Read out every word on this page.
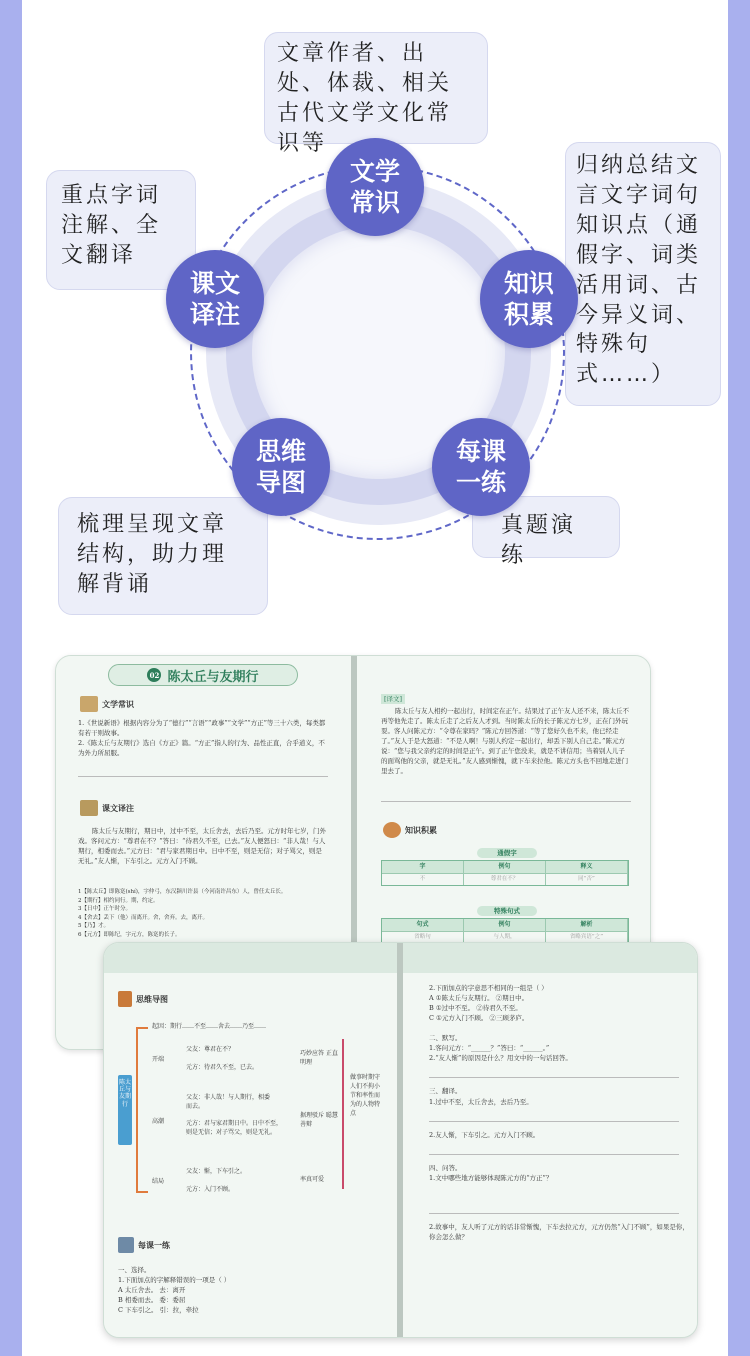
文章作者、出处、体裁、相关古代文学文化常识等
归纳总结文言文字词句知识点（通假字、词类活用词、古今异义词、特殊句式……）
重点字词注解、全文翻译
梳理呈现文章结构，助力理解背诵
真题演练
文学常识
知识积累
每课一练
思维导图
课文译注
02 陈太丘与友期行
文学常识
1.《世说新语》根据内容分为了“德行”“言语”“政事”“文学”“方正”等三十六类，每类都有若干则故事。
2.《陈太丘与友期行》选自《方正》篇。“方正”指人的行为、品性正直，合乎道义，不为外力所屈服。
课文译注
陈太丘与友期行，期日中，过中不至，太丘舍去，去后乃至。元方时年七岁，门外戏。客问元方：“尊君在不？”答曰：“待君久不至，已去。”友人便怒曰：“非人哉！与人期行，相委而去。”元方曰：“君与家君期日中。日中不至，则是无信；对子骂父，则是无礼。”友人惭，下车引之。元方入门不顾。
1【陈太丘】即陈寔(shí)，字仲弓，东汉颍川许县（今河南许昌东）人，曾任太丘长。
2【期行】相约同行。期，约定。
3【日中】正午时分。
4【舍去】丢下（他）而离开。舍，舍弃。去，离开。
5【乃】才。
6【元方】即陈纪，字元方，陈寔的长子。
[译文]
陈太丘与友人相约一起出行，时间定在正午。结果过了正午友人还不来，陈太丘不再等他先走了。陈太丘走了之后友人才到。当时陈太丘的长子陈元方七岁，正在门外玩耍。客人问陈元方：“令尊在家吗？”陈元方回答道：“等了您好久也不来，他已经走了。”友人于是大怒道：“不是人啊！与别人约定一起出行，却丢下别人自己走。”陈元方说：“您与我父亲约定的时间是正午。到了正午您没来，就是不讲信用；当着别人儿子的面骂他的父亲，就是无礼。”友人感到惭愧，就下车来拉他。陈元方头也不回地走进门里去了。
知识积累
通假字
字	例句	释义
不	尊君在不？	同“否”
特殊句式
句式	例句	解析
省略句	与人期，	省略宾语“之”
思维导图
陈太丘与友期行
起因：期行……不至……舍去……乃至……
开端
高潮
结局
父友：尊君在不？
元方：待君久不至，已去。
巧妙应答 正直明理
父友：非人哉！与人期行，相委而去。
元方：君与家君期日中。日中不至，则是无信；对子骂父，则是无礼。
据理驳斥 聪慧善辩
父友：惭，下车引之。
元方：入门不顾。
率真可爱
做事时期守人们不拘小节和率性而为的人物特点
每课一练
一、选择。
1.下面加点的字解释错误的一项是（ ）
A 太丘舍去。 去：离开
B 相委而去。 委：委屈
C 下车引之。 引：拉，牵拉
2.下面加点的字意思不相同的一组是（ ）
A ①陈太丘与友期行。 ②期日中。
B ①过中不至。 ②待君久不至。
C ①元方入门不顾。 ②三顾茅庐。
二、默写。
1.客问元方：“______？”答曰：“______。”
2.“友人惭”的原因是什么？用文中的一句话回答。
三、翻译。
1.过中不至，太丘舍去，去后乃至。
2.友人惭，下车引之。元方入门不顾。
四、问答。
1.文中哪些地方能够体现陈元方的“方正”？
2.故事中，友人听了元方的话非常惭愧，下车去拉元方，元方仍然“入门不顾”，如果是你，你会怎么做？
